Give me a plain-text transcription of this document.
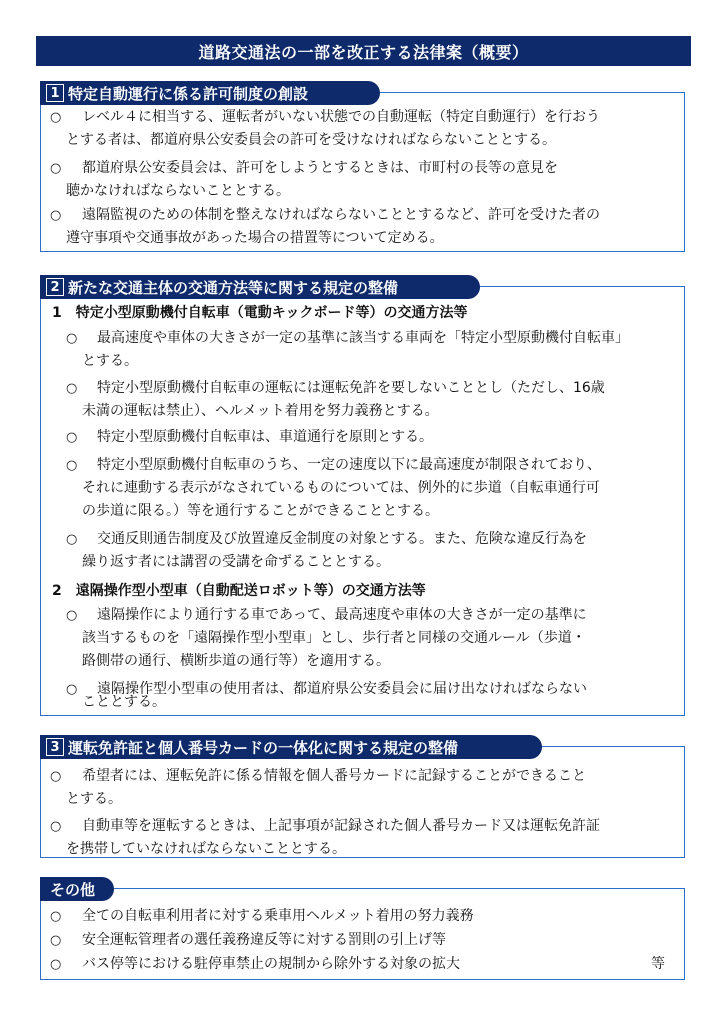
道路交通法の一部を改正する法律案（概要）
1 特定自動運行に係る許可制度の創設
○ レベル４に相当する、運転者がいない状態での自動運転（特定自動運行）を行おう
とする者は、都道府県公安委員会の許可を受けなければならないこととする。
○ 都道府県公安委員会は、許可をしようとするときは、市町村の長等の意見を
聴かなければならないこととする。
○ 遠隔監視のための体制を整えなければならないこととするなど、許可を受けた者の
遵守事項や交通事故があった場合の措置等について定める。
2 新たな交通主体の交通方法等に関する規定の整備
1　特定小型原動機付自転車（電動キックボード等）の交通方法等
○ 最高速度や車体の大きさが一定の基準に該当する車両を「特定小型原動機付自転車」
とする。
○ 特定小型原動機付自転車の運転には運転免許を要しないこととし（ただし、16歳
未満の運転は禁止）、ヘルメット着用を努力義務とする。
○ 特定小型原動機付自転車は、車道通行を原則とする。
○ 特定小型原動機付自転車のうち、一定の速度以下に最高速度が制限されており、
それに連動する表示がなされているものについては、例外的に歩道（自転車通行可
の歩道に限る。）等を通行することができることとする。
○ 交通反則通告制度及び放置違反金制度の対象とする。また、危険な違反行為を
繰り返す者には講習の受講を命ずることとする。
2　遠隔操作型小型車（自動配送ロボット等）の交通方法等
○ 遠隔操作により通行する車であって、最高速度や車体の大きさが一定の基準に
該当するものを「遠隔操作型小型車」とし、歩行者と同様の交通ルール（歩道・
路側帯の通行、横断歩道の通行等）を適用する。
○ 遠隔操作型小型車の使用者は、都道府県公安委員会に届け出なければならない
こととする。
3 運転免許証と個人番号カードの一体化に関する規定の整備
○ 希望者には、運転免許に係る情報を個人番号カードに記録することができること
とする。
○ 自動車等を運転するときは、上記事項が記録された個人番号カード又は運転免許証
を携帯していなければならないこととする。
その他
○ 全ての自転車利用者に対する乗車用ヘルメット着用の努力義務
○ 安全運転管理者の選任義務違反等に対する罰則の引上げ等
○ バス停等における駐停車禁止の規制から除外する対象の拡大	等
